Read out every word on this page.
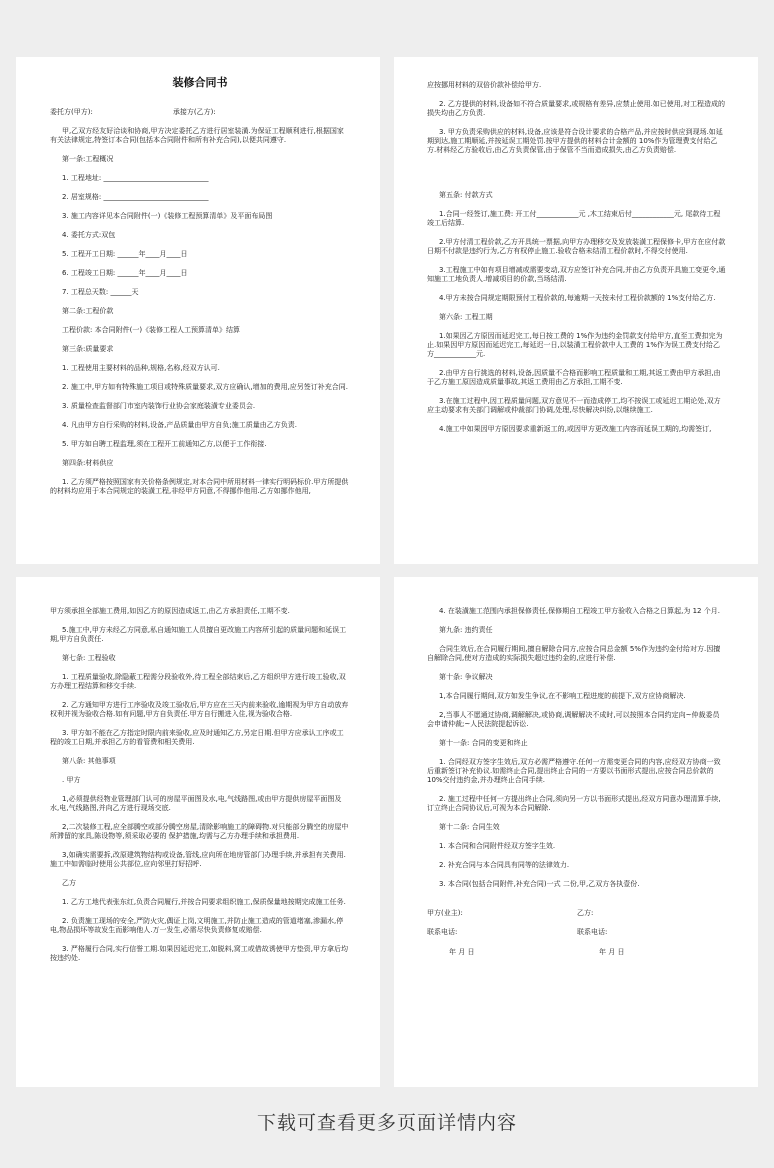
装修合同书
委托方(甲方):                                    承接方(乙方):
甲,乙双方经友好洽谈和协商,甲方决定委托乙方进行居室装潢.为保证工程顺利进行,根据国家有关法律规定,特签订本合同(包括本合同附件和所有补充合同),以便共同遵守.
第一条:工程概况
1. 工程地址: ______________________________
2. 居室规格: ______________________________
3. 施工内容详见本合同附件(一)《装修工程预算清单》及平面布局图
4. 委托方式:双包
5. 工程开工日期: ______年____月____日
6. 工程竣工日期: ______年____月____日
7. 工程总天数: ______天
第二条:工程价款
工程价款: 本合同附件(一)《装修工程人工预算清单》结算
第三条:质量要求
1. 工程使用主要材料的品种,规格,名称,经双方认可.
2. 施工中,甲方如有特殊施工项目或特殊质量要求,双方应确认,增加的费用,应另签订补充合同.
3. 质量检查监督部门市室内装饰行业协会家庭装潢专业委员会.
4. 凡由甲方自行采购的材料,设备,产品质量由甲方自负;施工质量由乙方负责.
5. 甲方如自聘工程监理,须在工程开工前通知乙方,以便于工作衔接.
第四条:材料供应
1. 乙方须严格按照国家有关价格条例规定,对本合同中所用材料一律实行明码标价.甲方所提供的材料均应用于本合同规定的装潢工程,非经甲方同意,不得挪作他用.乙方如挪作他用,
应按挪用材料的双倍价款补偿给甲方.
2. 乙方提供的材料,设备如不符合质量要求,或规格有差异,应禁止使用.如已使用,对工程造成的损失均由乙方负责.
3. 甲方负责采购供应的材料,设备,应该是符合设计要求的合格产品,并应按时供应到现场.如延期到达,施工期顺延,并按延误工期处罚.按甲方提供的材料合计金额的 10%作为管理费支付给乙方.材料经乙方验收后,由乙方负责保管,由于保管不当而造成损失,由乙方负责赔偿.
第五条: 付款方式
1.合同一经签订,施工费: 开工付____________元 ,木工结束后付____________元, 尾款待工程竣工后结算.
2.甲方付清工程价款,乙方开具统一票据,向甲方办理移交及发放装潢工程保修卡,甲方在应付款日期不付款是违约行为,乙方有权停止施工.验收合格未结清工程价款时,不得交付使用.
3.工程施工中如有项目增减或需要变动,双方应签订补充合同,并由乙方负责开具施工变更令,通知施工工地负责人.增减项目的价款,当场结清.
4.甲方未按合同规定期限预付工程价款的,每逾期一天按未付工程价款额的 1%支付给乙方.
第六条: 工程工期
1.如果因乙方原因而延迟完工,每日按工费的 1%作为违约金罚款支付给甲方,直至工费扣完为止.如果因甲方原因而延迟完工,每延迟一日,以装潢工程价款中人工费的 1%作为误工费支付给乙方____________元.
2.由甲方自行挑选的材料,设备,因质量不合格而影响工程质量和工期,其返工费由甲方承担,由于乙方施工原因造成质量事故,其返工费用由乙方承担,工期不变.
3.在施工过程中,因工程质量问题,双方意见不一而造成停工,均不按误工或延迟工期论处,双方应主动要求有关部门调解或仲裁部门协调,处理,尽快解决纠纷,以继续施工.
4.施工中如果因甲方原因要求重新返工的,或因甲方更改施工内容而延误工期的,均需签订,
甲方须承担全部施工费用,如因乙方的原因造成返工,由乙方承担责任,工期不变.
5.施工中,甲方未经乙方同意,私自通知施工人员擅自更改施工内容所引起的质量问题和延误工期,甲方自负责任.
第七条: 工程验收
1. 工程质量验收,除隐蔽工程需分段验收外,待工程全部结束后,乙方组织甲方进行竣工验收,双方办理工程结算和移交手续.
2. 乙方通知甲方进行工序验收及竣工验收后,甲方应在三天内前来验收,逾期视为甲方自动放弃权利并视为验收合格.如有问题,甲方自负责任.甲方自行搬进入住,视为验收合格.
3. 甲方如不能在乙方指定时限内前来验收,应及时通知乙方,另定日期.但甲方应承认工序或工程的竣工日期,并承担乙方的看管费和相关费用.
第八条: 其他事项
. 甲方
1,必须提供经物业管理部门认可的房屋平面图及水,电,气线路图,或由甲方提供房屋平面图及水,电,气线路图,并向乙方进行现场交底.
2,二次装修工程,应全部腾空或部分腾空房屋,清除影响施工的障碍物.对只能部分腾空的房屋中所滞留的家具,陈设物等,须采取必要的 保护措施,均需与乙方办理手续和承担费用.
3,如确实需要拆,改原建筑物结构或设备,管线,应向所在地房管部门办理手续,并承担有关费用.施工中如需临时使用公共部位,应向邻里打好招呼.
乙方
1. 乙方工地代表张东红,负责合同履行,并按合同要求组织施工,保质保量地按期完成施工任务.
2. 负责施工现场的安全,严防火灾,偶证上岗,文明施工,并防止施工造成的管道堵塞,渗漏水,停电,物品损坏等故发生而影响他人.万一发生,必需尽快负责修复或赔偿.
3. 严格履行合同,实行信誉工期.如果因延迟完工,如脱料,窝工或借故诱使甲方垫资,甲方拿后均按违约处.
4. 在装潢施工范围内承担保修责任,保修期自工程竣工甲方验收入合格之日算起,为 12 个月.
第九条: 违约责任
合同生效后,在合同履行期间,擅自解除合同方,应按合同总金额 5%作为违约金付给对方.因擅自解除合同,使对方造成的实际损失超过违约金的,应进行补偿.
第十条: 争议解决
1,本合同履行期间,双方如发生争议,在不影响工程进度的前提下,双方应协商解决.
2,当事人不愿通过协商,调解解决,或协商,调解解决不成时,可以按照本合同约定向~仲裁委员会申请仲裁;~人民法院提起诉讼.
第十一条: 合同的变更和终止
1. 合同经双方签字生效后,双方必需严格遵守.任何一方需变更合同的内容,应经双方协商一致后重新签订补充协议.如需终止合同,提出终止合同的一方要以书面形式提出,应按合同总价款的 10%交付违约金,并办理终止合同手续.
2. 施工过程中任何一方提出终止合同,须向另一方以书面形式提出,经双方同意办理清算手续,订立终止合同协议后,可视为本合同解除.
第十二条: 合同生效
1. 本合同和合同附件经双方签字生效.
2. 补充合同与本合同具有同等的法律效力.
3. 本合同(包括合同附件,补充合同)一式 二份,甲,乙双方各执壹份.
甲方(业主):	乙方:
联系电话:	联系电话:
年 月 日	年 月 日
下载可查看更多页面详情内容
